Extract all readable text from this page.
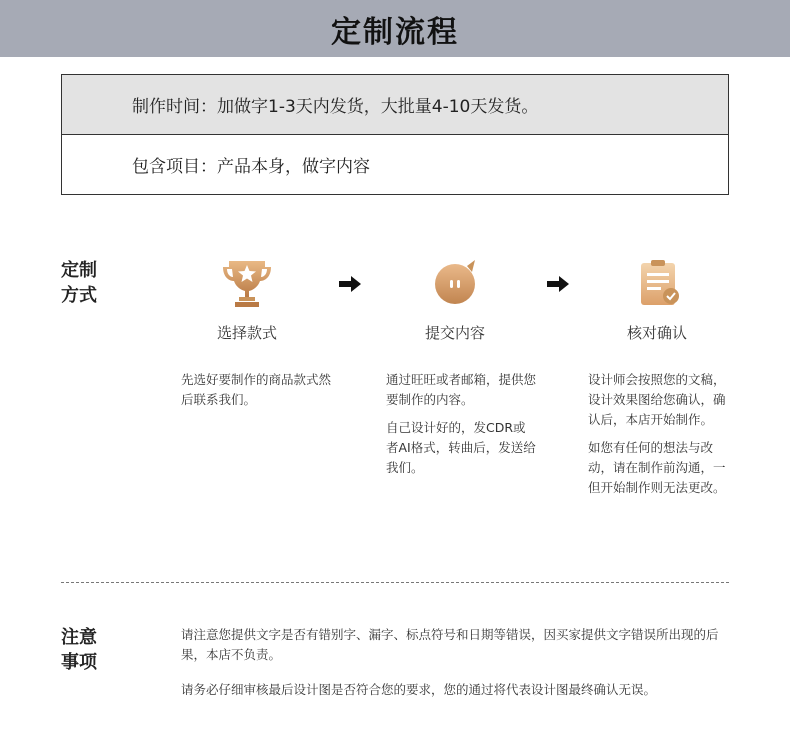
定制流程
制作时间：加做字1-3天内发货，大批量4-10天发货。
包含项目：产品本身，做字内容
定制
方式
选择款式	提交内容	核对确认

先选好要制作的商品款式然后联系我们。

通过旺旺或者邮箱，提供您要制作的内容。

自己设计好的，发CDR或者AI格式，转曲后，发送给我们。

设计师会按照您的文稿，设计效果图给您确认，确认后，本店开始制作。

如您有任何的想法与改动，请在制作前沟通，一但开始制作则无法更改。

注意
事项
请注意您提供文字是否有错别字、漏字、标点符号和日期等错误，因买家提供文字错误所出现的后果，本店不负责。
请务必仔细审核最后设计图是否符合您的要求，您的通过将代表设计图最终确认无误。
